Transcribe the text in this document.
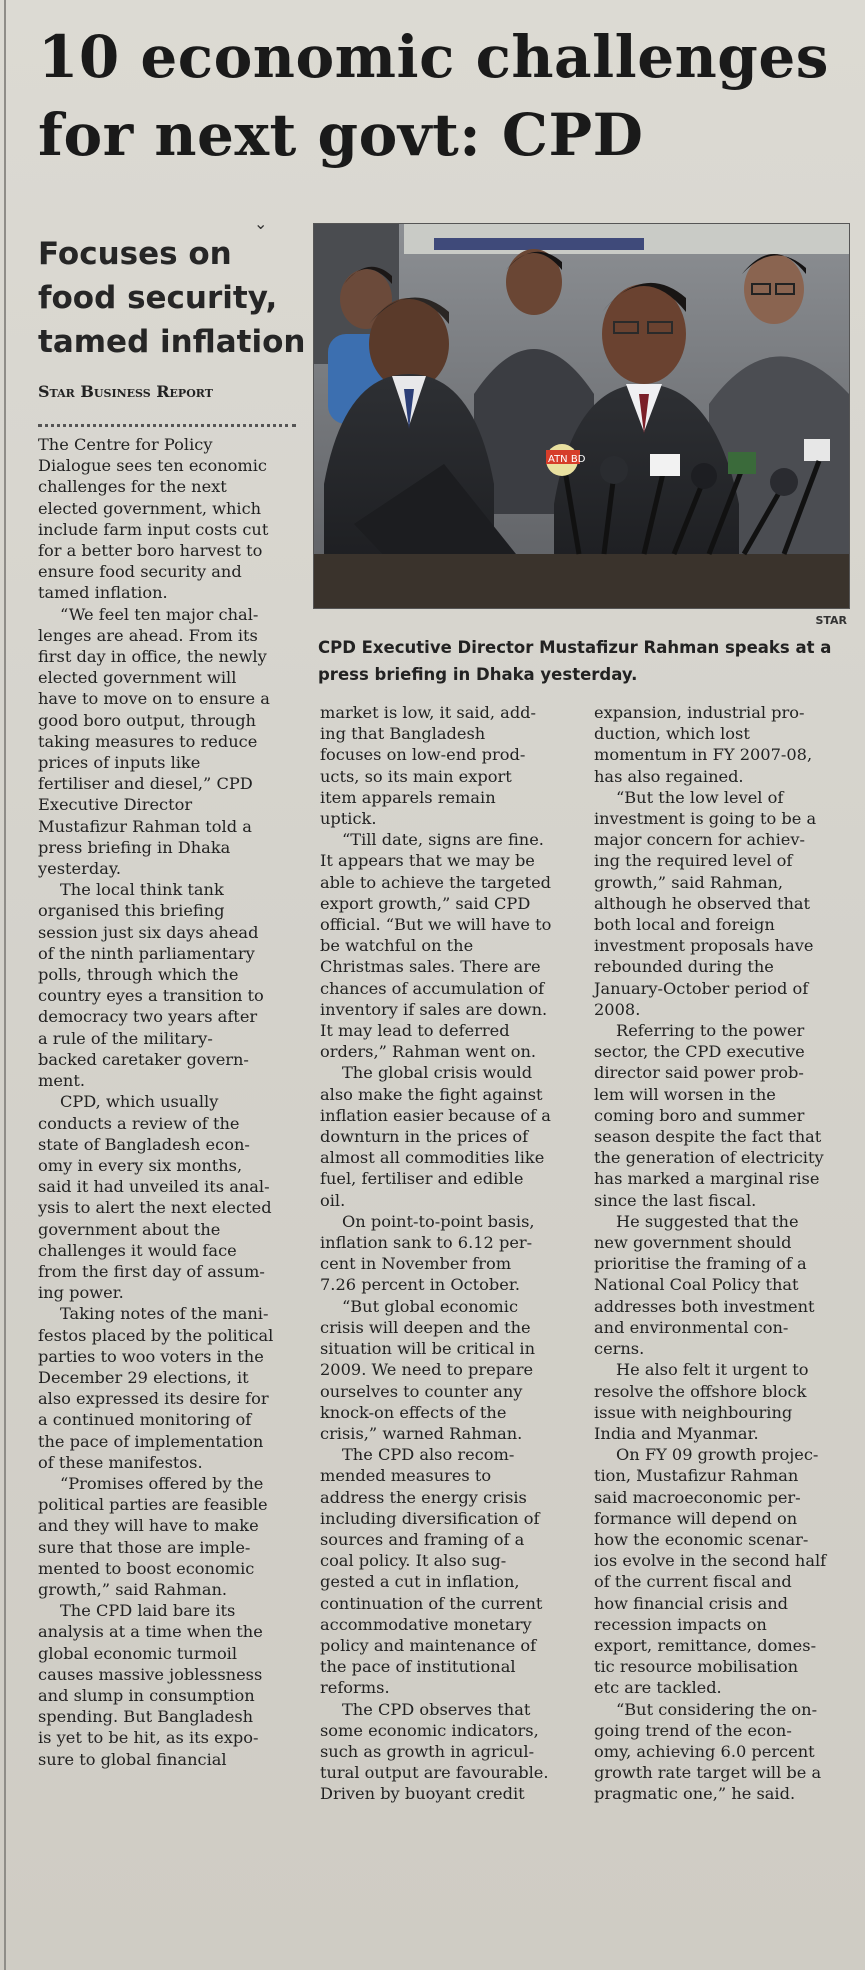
10 economic challenges
for next govt: CPD
⌄
Focuses on
food security,
tamed inflation
Star Business Report
ATN BD
STAR
CPD Executive Director Mustafizur Rahman speaks at a
press briefing in Dhaka yesterday.

The Centre for Policy
Dialogue sees ten economic
challenges for the next
elected government, which
include farm input costs cut
for a better boro harvest to
ensure food security and
tamed inflation.

“We feel ten major chal-
lenges are ahead. From its
first day in office, the newly
elected government will
have to move on to ensure a
good boro output, through
taking measures to reduce
prices of inputs like
fertiliser and diesel,” CPD
Executive Director
Mustafizur Rahman told a
press briefing in Dhaka
yesterday.

The local think tank
organised this briefing
session just six days ahead
of the ninth parliamentary
polls, through which the
country eyes a transition to
democracy two years after
a rule of the military-
backed caretaker govern-
ment.

CPD, which usually
conducts a review of the
state of Bangladesh econ-
omy in every six months,
said it had unveiled its anal-
ysis to alert the next elected
government about the
challenges it would face
from the first day of assum-
ing power.

Taking notes of the mani-
festos placed by the political
parties to woo voters in the
December 29 elections, it
also expressed its desire for
a continued monitoring of
the pace of implementation
of these manifestos.

“Promises offered by the
political parties are feasible
and they will have to make
sure that those are imple-
mented to boost economic
growth,” said Rahman.

The CPD laid bare its
analysis at a time when the
global economic turmoil
causes massive joblessness
and slump in consumption
spending. But Bangladesh
is yet to be hit, as its expo-
sure to global financial

market is low, it said, add-
ing that Bangladesh
focuses on low-end prod-
ucts, so its main export
item apparels remain
uptick.

“Till date, signs are fine.
It appears that we may be
able to achieve the targeted
export growth,” said CPD
official. “But we will have to
be watchful on the
Christmas sales. There are
chances of accumulation of
inventory if sales are down.
It may lead to deferred
orders,” Rahman went on.

The global crisis would
also make the fight against
inflation easier because of a
downturn in the prices of
almost all commodities like
fuel, fertiliser and edible
oil.

On point-to-point basis,
inflation sank to 6.12 per-
cent in November from
7.26 percent in October.

“But global economic
crisis will deepen and the
situation will be critical in
2009. We need to prepare
ourselves to counter any
knock-on effects of the
crisis,” warned Rahman.

The CPD also recom-
mended measures to
address the energy crisis
including diversification of
sources and framing of a
coal policy. It also sug-
gested a cut in inflation,
continuation of the current
accommodative monetary
policy and maintenance of
the pace of institutional
reforms.

The CPD observes that
some economic indicators,
such as growth in agricul-
tural output are favourable.
Driven by buoyant credit

expansion, industrial pro-
duction, which lost
momentum in FY 2007-08,
has also regained.

“But the low level of
investment is going to be a
major concern for achiev-
ing the required level of
growth,” said Rahman,
although he observed that
both local and foreign
investment proposals have
rebounded during the
January-October period of
2008.

Referring to the power
sector, the CPD executive
director said power prob-
lem will worsen in the
coming boro and summer
season despite the fact that
the generation of electricity
has marked a marginal rise
since the last fiscal.

He suggested that the
new government should
prioritise the framing of a
National Coal Policy that
addresses both investment
and environmental con-
cerns.

He also felt it urgent to
resolve the offshore block
issue with neighbouring
India and Myanmar.

On FY 09 growth projec-
tion, Mustafizur Rahman
said macroeconomic per-
formance will depend on
how the economic scenar-
ios evolve in the second half
of the current fiscal and
how financial crisis and
recession impacts on
export, remittance, domes-
tic resource mobilisation
etc are tackled.

“But considering the on-
going trend of the econ-
omy, achieving 6.0 percent
growth rate target will be a
pragmatic one,” he said.
